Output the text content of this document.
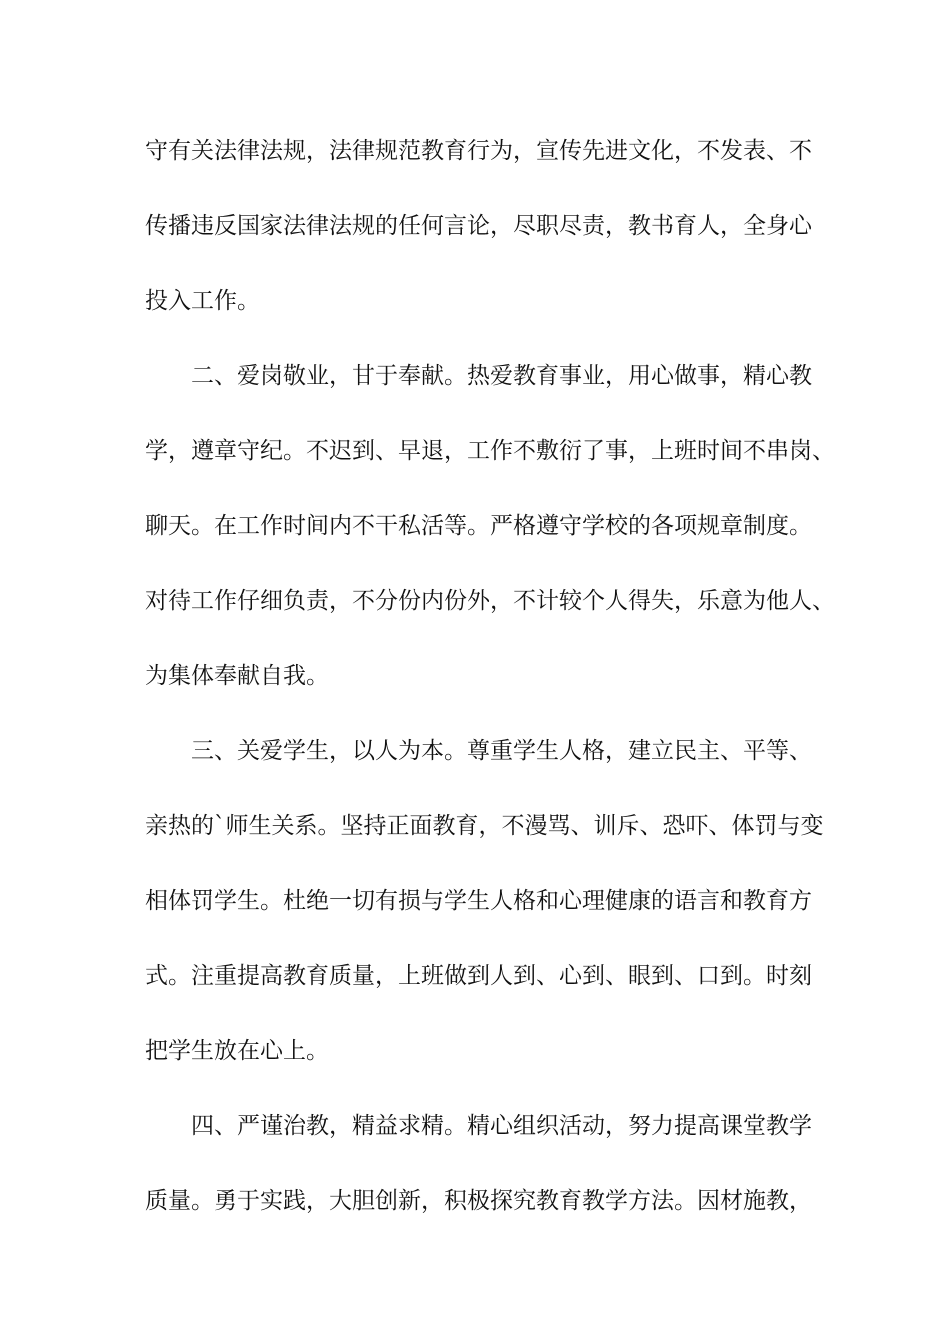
守有关法律法规，法律规范教育行为，宣传先进文化，不发表、不
传播违反国家法律法规的任何言论，尽职尽责，教书育人，全身心
投入工作。
二、爱岗敬业，甘于奉献。热爱教育事业，用心做事，精心教
学，遵章守纪。不迟到、早退，工作不敷衍了事，上班时间不串岗、
聊天。在工作时间内不干私活等。严格遵守学校的各项规章制度。
对待工作仔细负责，不分份内份外，不计较个人得失，乐意为他人、
为集体奉献自我。
三、关爱学生，以人为本。尊重学生人格，建立民主、平等、
亲热的`师生关系。坚持正面教育，不漫骂、训斥、恐吓、体罚与变
相体罚学生。杜绝一切有损与学生人格和心理健康的语言和教育方
式。注重提高教育质量，上班做到人到、心到、眼到、口到。时刻
把学生放在心上。
四、严谨治教，精益求精。精心组织活动，努力提高课堂教学
质量。勇于实践，大胆创新，积极探究教育教学方法。因材施教，
